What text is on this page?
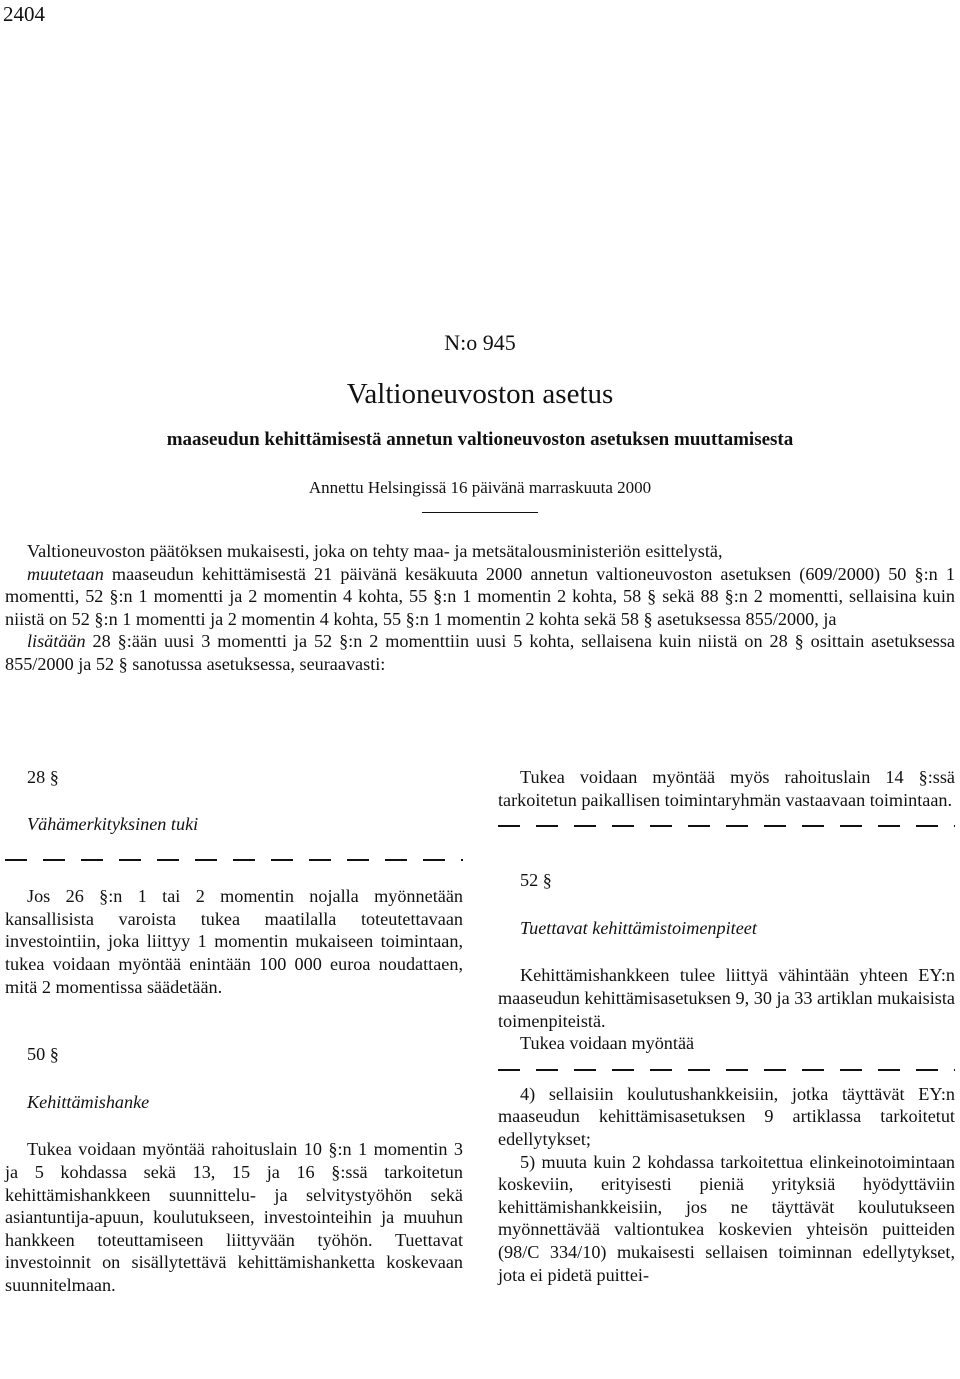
2404
N:o 945
Valtioneuvoston asetus
maaseudun kehittämisestä annetun valtioneuvoston asetuksen muuttamisesta
Annettu Helsingissä 16 päivänä marraskuuta 2000

Valtioneuvoston päätöksen mukaisesti, joka on tehty maa- ja metsätalousministeriön esittelystä,

muutetaan maaseudun kehittämisestä 21 päivänä kesäkuuta 2000 annetun valtioneuvoston asetuksen (609/2000) 50 §:n 1 momentti, 52 §:n 1 momentti ja 2 momentin 4 kohta, 55 §:n 1 momentin 2 kohta, 58 § sekä 88 §:n 2 momentti, sellaisina kuin niistä on 52 §:n 1 momentti ja 2 momentin 4 kohta, 55 §:n 1 momentin 2 kohta sekä 58 § asetuksessa 855/2000, ja

lisätään 28 §:ään uusi 3 momentti ja 52 §:n 2 momenttiin uusi 5 kohta, sellaisena kuin niistä on 28 § osittain asetuksessa 855/2000 ja 52 § sanotussa asetuksessa, seuraavasti:

28 §

Vähämerkityksinen tuki

Jos 26 §:n 1 tai 2 momentin nojalla myönnetään kansallisista varoista tukea maatilalla toteutettavaan investointiin, joka liittyy 1 momentin mukaiseen toimintaan, tukea voidaan myöntää enintään 100 000 euroa noudattaen, mitä 2 momentissa säädetään.

50 §

Kehittämishanke

Tukea voidaan myöntää rahoituslain 10 §:n 1 momentin 3 ja 5 kohdassa sekä 13, 15 ja 16 §:ssä tarkoitetun kehittämishankkeen suunnittelu- ja selvitystyöhön sekä asiantuntija-apuun, koulutukseen, investointeihin ja muuhun hankkeen toteuttamiseen liittyvään työhön. Tuettavat investoinnit on sisällytettävä kehittämishanketta koskevaan suunnitelmaan.

Tukea voidaan myöntää myös rahoituslain 14 §:ssä tarkoitetun paikallisen toimintaryhmän vastaavaan toimintaan.

52 §

Tuettavat kehittämistoimenpiteet

Kehittämishankkeen tulee liittyä vähintään yhteen EY:n maaseudun kehittämisasetuksen 9, 30 ja 33 artiklan mukaisista toimenpiteistä.

Tukea voidaan myöntää

4) sellaisiin koulutushankkeisiin, jotka täyttävät EY:n maaseudun kehittämisasetuksen 9 artiklassa tarkoitetut edellytykset;

5) muuta kuin 2 kohdassa tarkoitettua elinkeinotoimintaan koskeviin, erityisesti pieniä yrityksiä hyödyttäviin kehittämishankkeisiin, jos ne täyttävät koulutukseen myönnettävää valtiontukea koskevien yhteisön puitteiden (98/C 334/10) mukaisesti sellaisen toiminnan edellytykset, jota ei pidetä puittei-
